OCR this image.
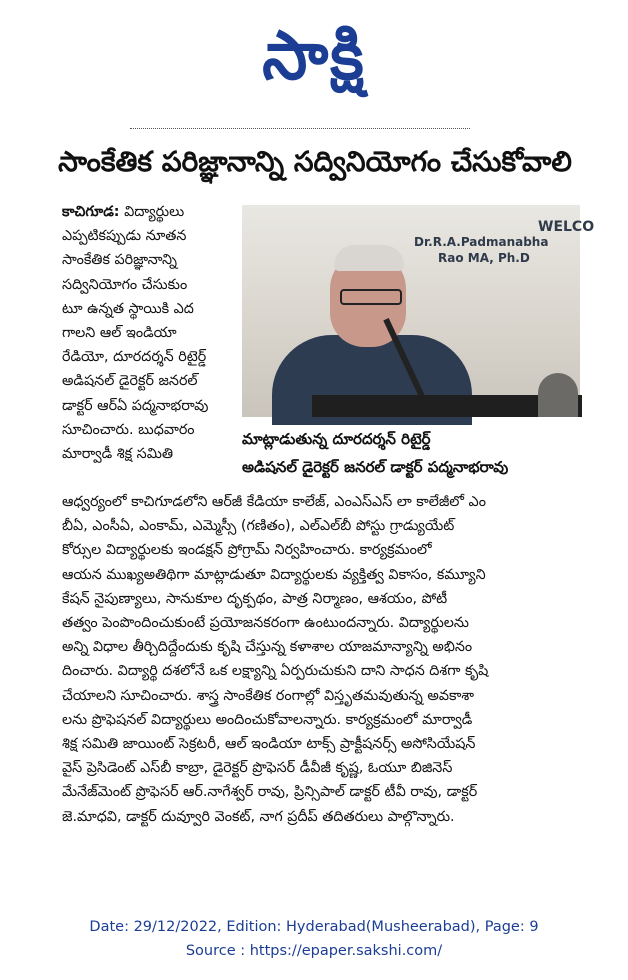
సాక్షి
సాంకేతిక పరిజ్ఞానాన్ని సద్వినియోగం చేసుకోవాలి
కాచిగూడ: విద్యార్థులు
ఎప్పటికప్పుడు నూతన
సాంకేతిక పరిజ్ఞానాన్ని
సద్వినియోగం చేసుకుం
టూ ఉన్నత స్థాయికి ఎద
గాలని ఆల్‌ ఇండియా
రేడియో, దూరదర్శన్‌ రిటైర్డ్‌
అడిషనల్‌ డైరెక్టర్‌ జనరల్‌
డాక్టర్‌ ఆర్‌ఏ పద్మనాభరావు
సూచించారు. బుధవారం
మార్వాడీ శిక్ష సమితి
Dr.R.A.Padmanabha
Rao MA, Ph.D
WELCO
మాట్లాడుతున్న దూరదర్శన్‌ రిటైర్డ్‌
అడిషనల్‌ డైరెక్టర్‌ జనరల్‌ డాక్టర్‌ పద్మనాభరావు
ఆధ్వర్యంలో కాచిగూడలోని ఆర్‌జీ కేడియా కాలేజ్‌, ఎంఎస్‌ఎస్‌ లా కాలేజీలో ఎం
బీఏ, ఎంసీఏ, ఎంకామ్‌, ఎమ్మెస్సీ (గణితం), ఎల్‌ఎల్‌బీ పోస్టు గ్రాడ్యుయేట్‌
కోర్సుల విద్యార్థులకు ఇండక్షన్‌ ప్రోగ్రామ్‌ నిర్వహించారు. కార్యక్రమంలో
ఆయన ముఖ్యఅతిథిగా మాట్లాడుతూ విద్యార్థులకు వ్యక్తిత్వ వికాసం, కమ్యూని
కేషన్‌ నైపుణ్యాలు, సానుకూల దృక్పథం, పాత్ర నిర్మాణం, ఆశయం, పోటీ
తత్వం పెంపొందించుకుంటే ప్రయోజనకరంగా ఉంటుందన్నారు. విద్యార్థులను
అన్ని విధాల తీర్చిదిద్దేందుకు కృషి చేస్తున్న కళాశాల యాజమాన్యాన్ని అభినం
దించారు. విద్యార్థి దశలోనే ఒక లక్ష్యాన్ని ఏర్పరుచుకుని దాని సాధన దిశగా కృషి
చేయాలని సూచించారు. శాస్త్ర సాంకేతిక రంగాల్లో విస్తృతమవుతున్న అవకాశా
లను ప్రొఫెషనల్‌ విద్యార్థులు అందించుకోవాలన్నారు. కార్యక్రమంలో మార్వాడీ
శిక్ష సమితి జాయింట్‌ సెక్రటరీ, ఆల్‌ ఇండియా టాక్స్‌ ప్రాక్టీషనర్స్‌ అసోసియేషన్‌
వైస్‌ ప్రెసిడెంట్‌ ఎస్‌బీ కాబ్రా, డైరెక్టర్‌ ప్రొఫెసర్‌ డీవీజీ కృష్ణ, ఓయూ బిజినెస్‌
మేనేజ్‌మెంట్‌ ప్రొఫెసర్‌ ఆర్‌.నాగేశ్వర్‌ రావు, ప్రిన్సిపాల్‌ డాక్టర్‌ టీవీ రావు, డాక్టర్‌
జె.మాధవి, డాక్టర్‌ దువ్వూరి వెంకట్‌, నాగ ప్రదీప్‌ తదితరులు పాల్గొన్నారు.
Date: 29/12/2022, Edition: Hyderabad(Musheerabad), Page: 9
Source : https://epaper.sakshi.com/
